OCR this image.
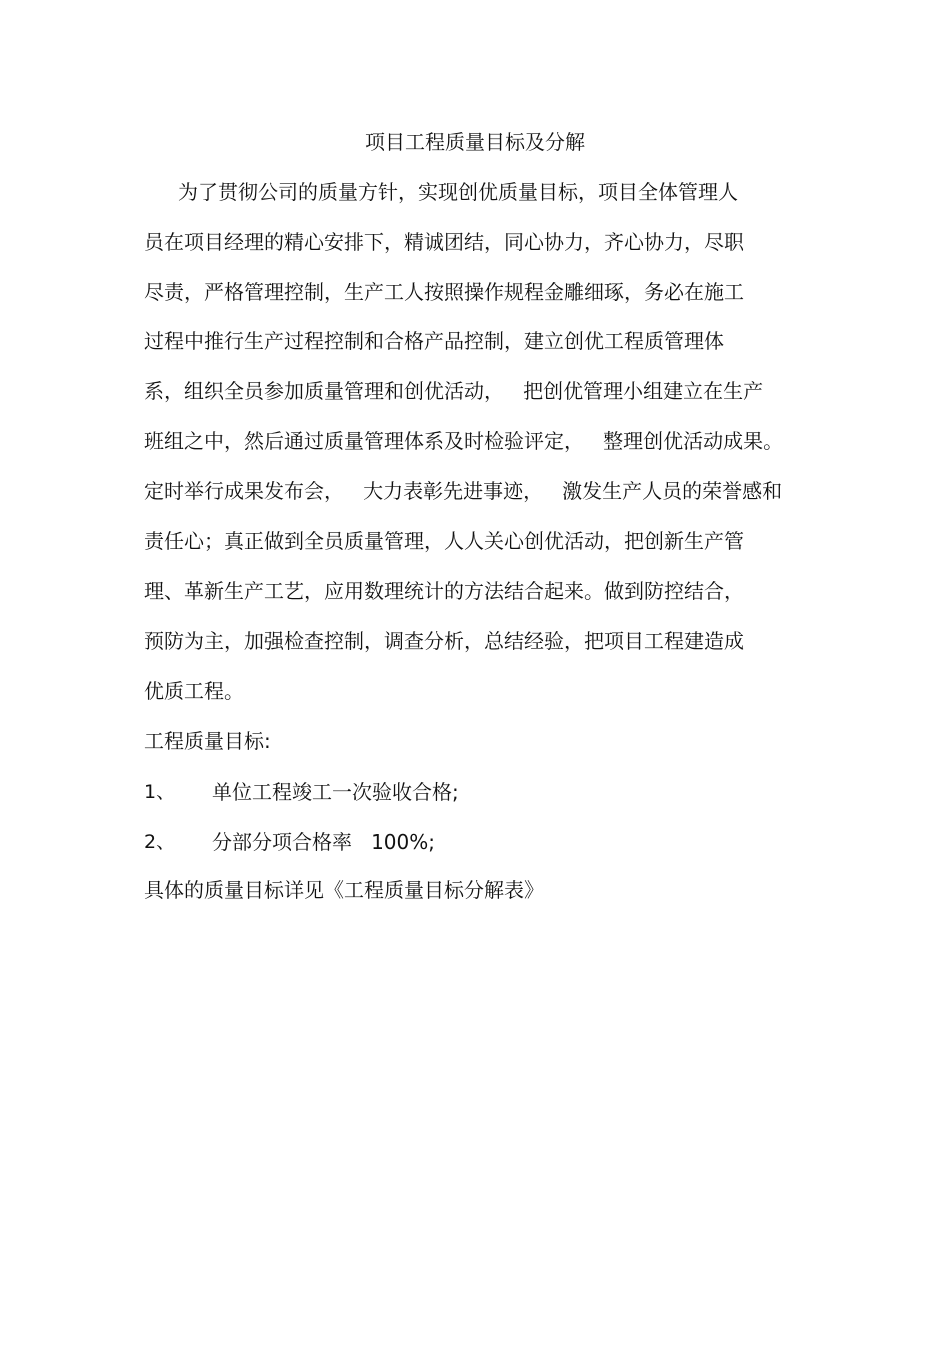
项目工程质量目标及分解
为了贯彻公司的质量方针，实现创优质量目标，项目全体管理人
员在项目经理的精心安排下，精诚团结，同心协力，齐心协力，尽职
尽责，严格管理控制，生产工人按照操作规程金雕细琢，务必在施工
过程中推行生产过程控制和合格产品控制，建立创优工程质管理体
系，组织全员参加质量管理和创优活动，   把创优管理小组建立在生产
班组之中，然后通过质量管理体系及时检验评定，   整理创优活动成果。
定时举行成果发布会，   大力表彰先进事迹，   激发生产人员的荣誉感和
责任心；真正做到全员质量管理，人人关心创优活动，把创新生产管
理、革新生产工艺，应用数理统计的方法结合起来。做到防控结合，
预防为主，加强检查控制，调查分析，总结经验，把项目工程建造成
优质工程。
工程质量目标:
1、 单位工程竣工一次验收合格;
2、 分部分项合格率   100%;
具体的质量目标详见《工程质量目标分解表》
